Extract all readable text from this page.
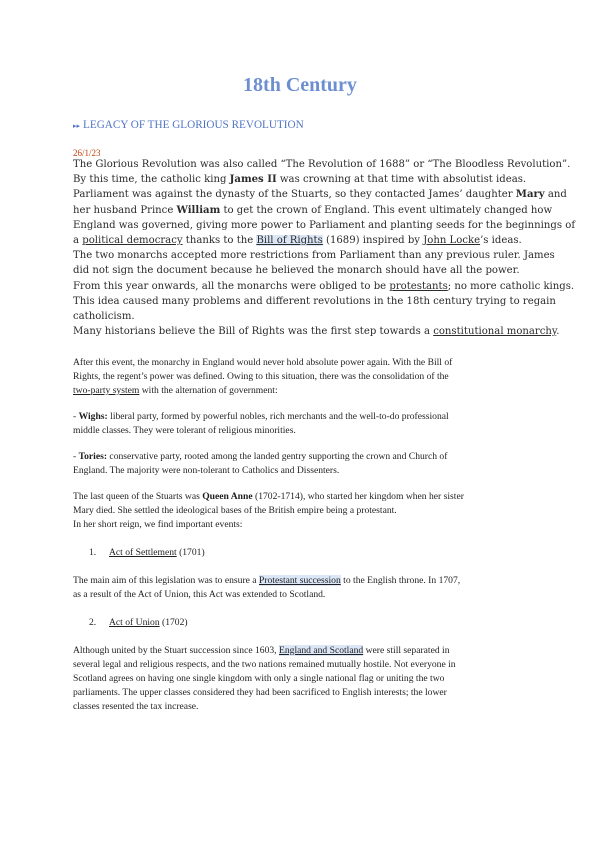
18th Century
▸▸ LEGACY OF THE GLORIOUS REVOLUTION
26/1/23
The Glorious Revolution was also called “The Revolution of 1688” or “The Bloodless Revolution”.
By this time, the catholic king James II was crowning at that time with absolutist ideas.
Parliament was against the dynasty of the Stuarts, so they contacted James’ daughter Mary and
her husband Prince William to get the crown of England. This event ultimately changed how
England was governed, giving more power to Parliament and planting seeds for the beginnings of
a political democracy thanks to the Bill of Rights (1689) inspired by John Locke’s ideas.
The two monarchs accepted more restrictions from Parliament than any previous ruler. James
did not sign the document because he believed the monarch should have all the power.
From this year onwards, all the monarchs were obliged to be protestants; no more catholic kings.
This idea caused many problems and different revolutions in the 18th century trying to regain
catholicism.
Many historians believe the Bill of Rights was the first step towards a constitutional monarchy.
After this event, the monarchy in England would never hold absolute power again. With the Bill of
Rights, the regent’s power was defined. Owing to this situation, there was the consolidation of the
two-party system with the alternation of government:
- Wighs: liberal party, formed by powerful nobles, rich merchants and the well-to-do professional
middle classes. They were tolerant of religious minorities.
- Tories: conservative party, rooted among the landed gentry supporting the crown and Church of
England. The majority were non-tolerant to Catholics and Dissenters.
The last queen of the Stuarts was Queen Anne (1702-1714), who started her kingdom when her sister
Mary died. She settled the ideological bases of the British empire being a protestant.
In her short reign, we find important events:
1. Act of Settlement (1701)
The main aim of this legislation was to ensure a Protestant succession to the English throne. In 1707,
as a result of the Act of Union, this Act was extended to Scotland.
2. Act of Union (1702)
Although united by the Stuart succession since 1603, England and Scotland were still separated in
several legal and religious respects, and the two nations remained mutually hostile. Not everyone in
Scotland agrees on having one single kingdom with only a single national flag or uniting the two
parliaments. The upper classes considered they had been sacrificed to English interests; the lower
classes resented the tax increase.
